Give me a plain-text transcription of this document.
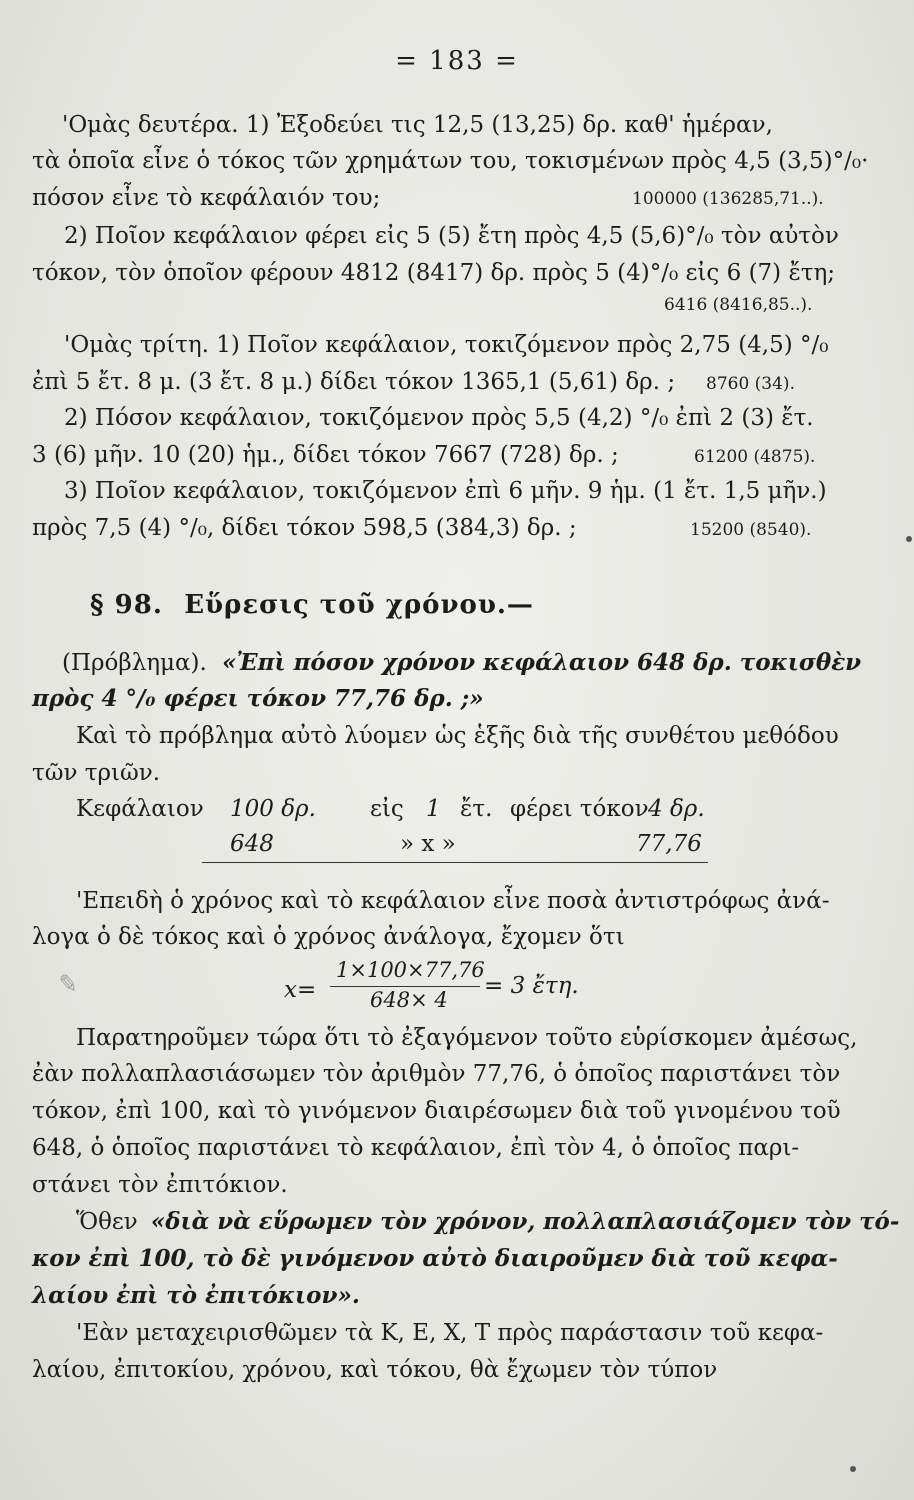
= 183 =
'Ομὰς δευτέρα. 1) Ἐξοδεύει τις 12,5 (13,25) δρ. καθ' ἡμέραν,
τὰ ὁποῖα εἶνε ὁ τόκος τῶν χρημάτων του, τοκισμένων πρὸς 4,5 (3,5)°/₀·
πόσον εἶνε τὸ κεφάλαιόν του;	100000 (136285,71..).
2) Ποῖον κεφάλαιον φέρει εἰς 5 (5) ἔτη πρὸς 4,5 (5,6)°/₀ τὸν αὐτὸν
τόκον, τὸν ὁποῖον φέρουν 4812 (8417) δρ. πρὸς 5 (4)°/₀ εἰς 6 (7) ἔτη;
6416 (8416,85..).
'Ομὰς τρίτη. 1) Ποῖον κεφάλαιον, τοκιζόμενον πρὸς 2,75 (4,5) °/₀
ἐπὶ 5 ἔτ. 8 μ. (3 ἔτ. 8 μ.) δίδει τόκον 1365,1 (5,61) δρ. ; 8760 (34).
2) Πόσον κεφάλαιον, τοκιζόμενον πρὸς 5,5 (4,2) °/₀ ἐπὶ 2 (3) ἔτ.
3 (6) μῆν. 10 (20) ἡμ., δίδει τόκον 7667 (728) δρ. ;	61200 (4875).
3) Ποῖον κεφάλαιον, τοκιζόμενον ἐπὶ 6 μῆν. 9 ἡμ. (1 ἔτ. 1,5 μῆν.)
πρὸς 7,5 (4) °/₀, δίδει τόκον 598,5 (384,3) δρ. ;	15200 (8540).
§ 98. Εὕρεσις τοῦ χρόνου.—
(Πρόβλημα). «Ἐπὶ πόσον χρόνον κεφάλαιον 648 δρ. τοκισθὲν
πρὸς 4 °/₀ φέρει τόκον 77,76 δρ. ;»
Καὶ τὸ πρόβλημα αὐτὸ λύομεν ὡς ἑξῆς διὰ τῆς συνθέτου μεθόδου
τῶν τριῶν.
Κεφάλαιον 100 δρ. εἰς 1 ἔτ. φέρει τόκον 4 δρ.
648	» x »	77,76
'Επειδὴ ὁ χρόνος καὶ τὸ κεφάλαιον εἶνε ποσὰ ἀντιστρόφως ἀνά-
λογα ὁ δὲ τόκος καὶ ὁ χρόνος ἀνάλογα, ἔχομεν ὅτι
x=
1×100×77,76
648× 4
= 3 ἔτη.
✎
Παρατηροῦμεν τώρα ὅτι τὸ ἐξαγόμενον τοῦτο εὑρίσκομεν ἀμέσως,
ἐὰν πολλαπλασιάσωμεν τὸν ἀριθμὸν 77,76, ὁ ὁποῖος παριστάνει τὸν
τόκον, ἐπὶ 100, καὶ τὸ γινόμενον διαιρέσωμεν διὰ τοῦ γινομένου τοῦ
648, ὁ ὁποῖος παριστάνει τὸ κεφάλαιον, ἐπὶ τὸν 4, ὁ ὁποῖος παρι-
στάνει τὸν ἐπιτόκιον.
Ὅθεν «διὰ νὰ εὕρωμεν τὸν χρόνον, πολλαπλασιάζομεν τὸν τό-
κον ἐπὶ 100, τὸ δὲ γινόμενον αὐτὸ διαιροῦμεν διὰ τοῦ κεφα-
λαίου ἐπὶ τὸ ἐπιτόκιον».
'Εὰν μεταχειρισθῶμεν τὰ Κ, Ε, Χ, Τ πρὸς παράστασιν τοῦ κεφα-
λαίου, ἐπιτοκίου, χρόνου, καὶ τόκου, θὰ ἔχωμεν τὸν τύπον
